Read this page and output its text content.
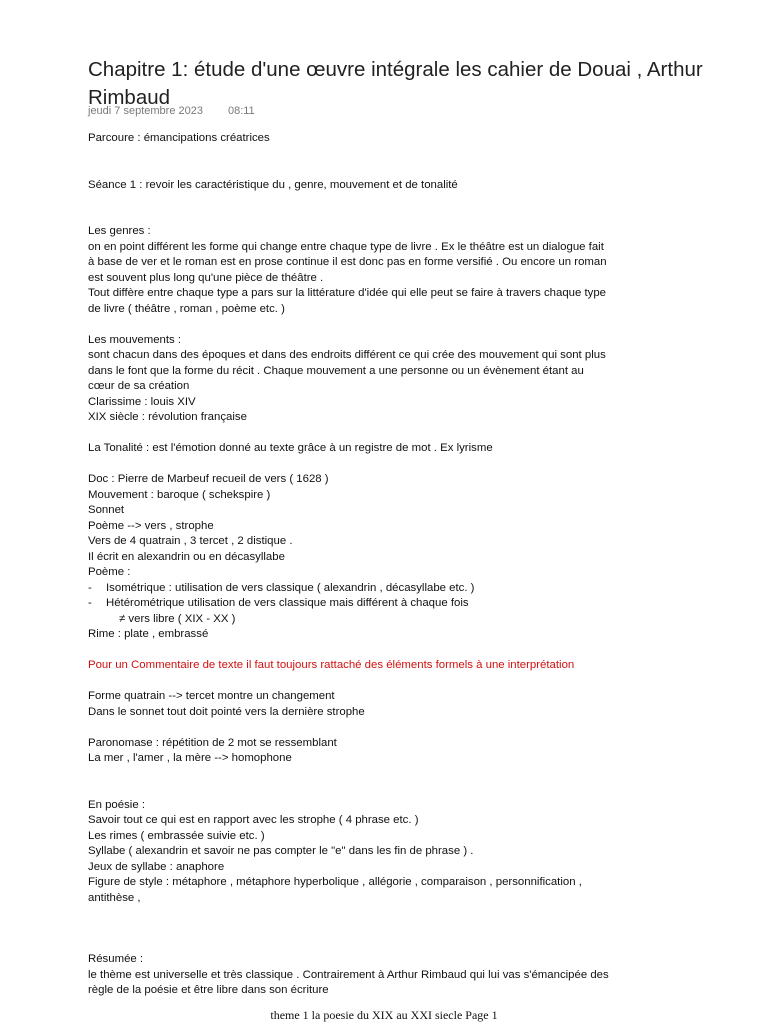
Chapitre 1: étude d'une œuvre intégrale les cahier de Douai , Arthur Rimbaud
jeudi 7 septembre 2023 08:11

Parcoure : émancipations créatrices

Séance 1 : revoir les caractéristique du , genre, mouvement et de tonalité

Les genres :

on en point différent les forme qui change entre chaque type de livre . Ex le théâtre est un dialogue fait

à base de ver et le roman est en prose continue il est donc pas en forme versifié . Ou encore un roman

est souvent plus long qu'une pièce de théâtre .

Tout diffère entre chaque type a pars sur la littérature d'idée qui elle peut se faire à travers chaque type

de livre ( théâtre , roman , poème etc. )

Les mouvements :

sont chacun dans des époques et dans des endroits différent ce qui crée des mouvement qui sont plus

dans le font que la forme du récit . Chaque mouvement a une personne ou un évènement étant au

cœur de sa création

Clarissime : louis XIV

XIX siècle : révolution française

La Tonalité : est l'émotion donné au texte grâce à un registre de mot . Ex lyrisme

Doc : Pierre de Marbeuf recueil de vers ( 1628 )

Mouvement : baroque ( schekspire )

Sonnet

Poème --> vers , strophe

Vers de 4 quatrain , 3 tercet , 2 distique .

Il écrit en alexandrin ou en décasyllabe

Poème :

- Isométrique : utilisation de vers classique ( alexandrin , décasyllabe etc. )

- Hétérométrique utilisation de vers classique mais différent à chaque fois

≠ vers libre ( XIX - XX )

Rime : plate , embrassé

Pour un Commentaire de texte il faut toujours rattaché des éléments formels à une interprétation

Forme quatrain --> tercet montre un changement

Dans le sonnet tout doit pointé vers la dernière strophe

Paronomase : répétition de 2 mot se ressemblant

La mer , l'amer , la mère --> homophone

En poésie :

Savoir tout ce qui est en rapport avec les strophe ( 4 phrase etc. )

Les rimes ( embrassée suivie etc. )

Syllabe ( alexandrin et savoir ne pas compter le "e" dans les fin de phrase ) .

Jeux de syllabe : anaphore

Figure de style : métaphore , métaphore hyperbolique , allégorie , comparaison , personnification ,

antithèse ,

Résumée :

le thème est universelle et très classique . Contrairement à Arthur Rimbaud qui lui vas s'émancipée des

règle de la poésie et être libre dans son écriture

theme 1 la poesie du XIX au XXI siecle Page 1
